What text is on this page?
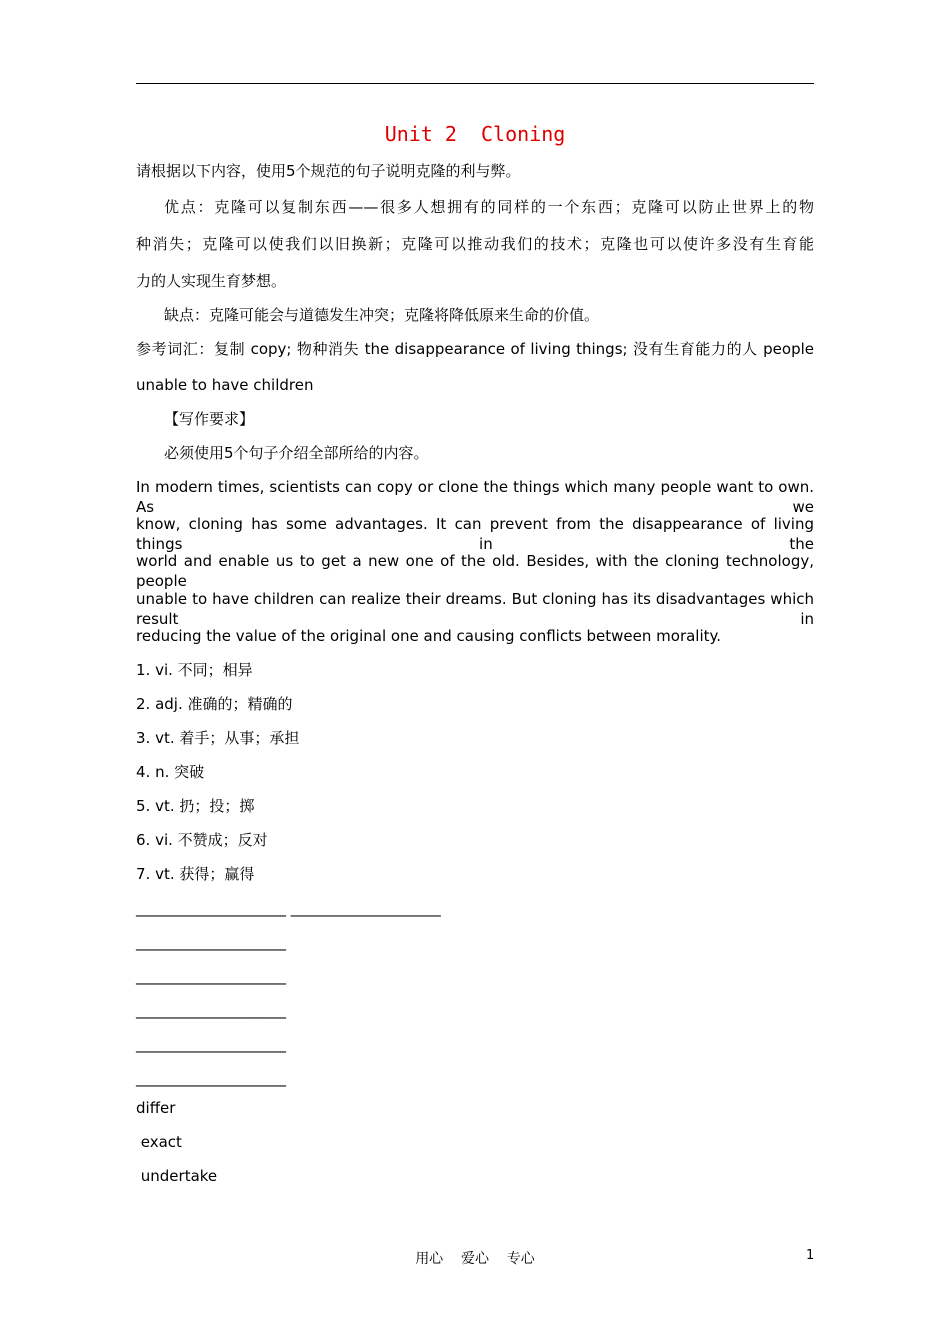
Unit 2  Cloning
请根据以下内容，使用5个规范的句子说明克隆的利与弊。
优点：克隆可以复制东西——很多人想拥有的同样的一个东西；克隆可以防止世界上的物
种消失；克隆可以使我们以旧换新；克隆可以推动我们的技术；克隆也可以使许多没有生育能
力的人实现生育梦想。
缺点：克隆可能会与道德发生冲突；克隆将降低原来生命的价值。
参考词汇：复制 copy; 物种消失 the disappearance of living things; 没有生育能力的人 people
unable to have children
【写作要求】
必须使用5个句子介绍全部所给的内容。
In modern times, scientists can copy or clone the things which many people want to own. As we
know, cloning has some advantages. It can prevent from the disappearance of living things in the
world and enable us to get a new one of the old. Besides, with the cloning technology, people
unable to have children can realize their dreams. But cloning has its disadvantages which result in
reducing the value of the original one and causing conflicts between morality.
1. vi. 不同；相异
2. adj. 准确的；精确的
3. vt. 着手；从事；承担
4. n. 突破
5. vt. 扔；投；掷
6. vi. 不赞成；反对
7. vt. 获得；赢得
____________________ ____________________
____________________
____________________
____________________
____________________
____________________
differ
exact
undertake
用心    爱心    专心	1
